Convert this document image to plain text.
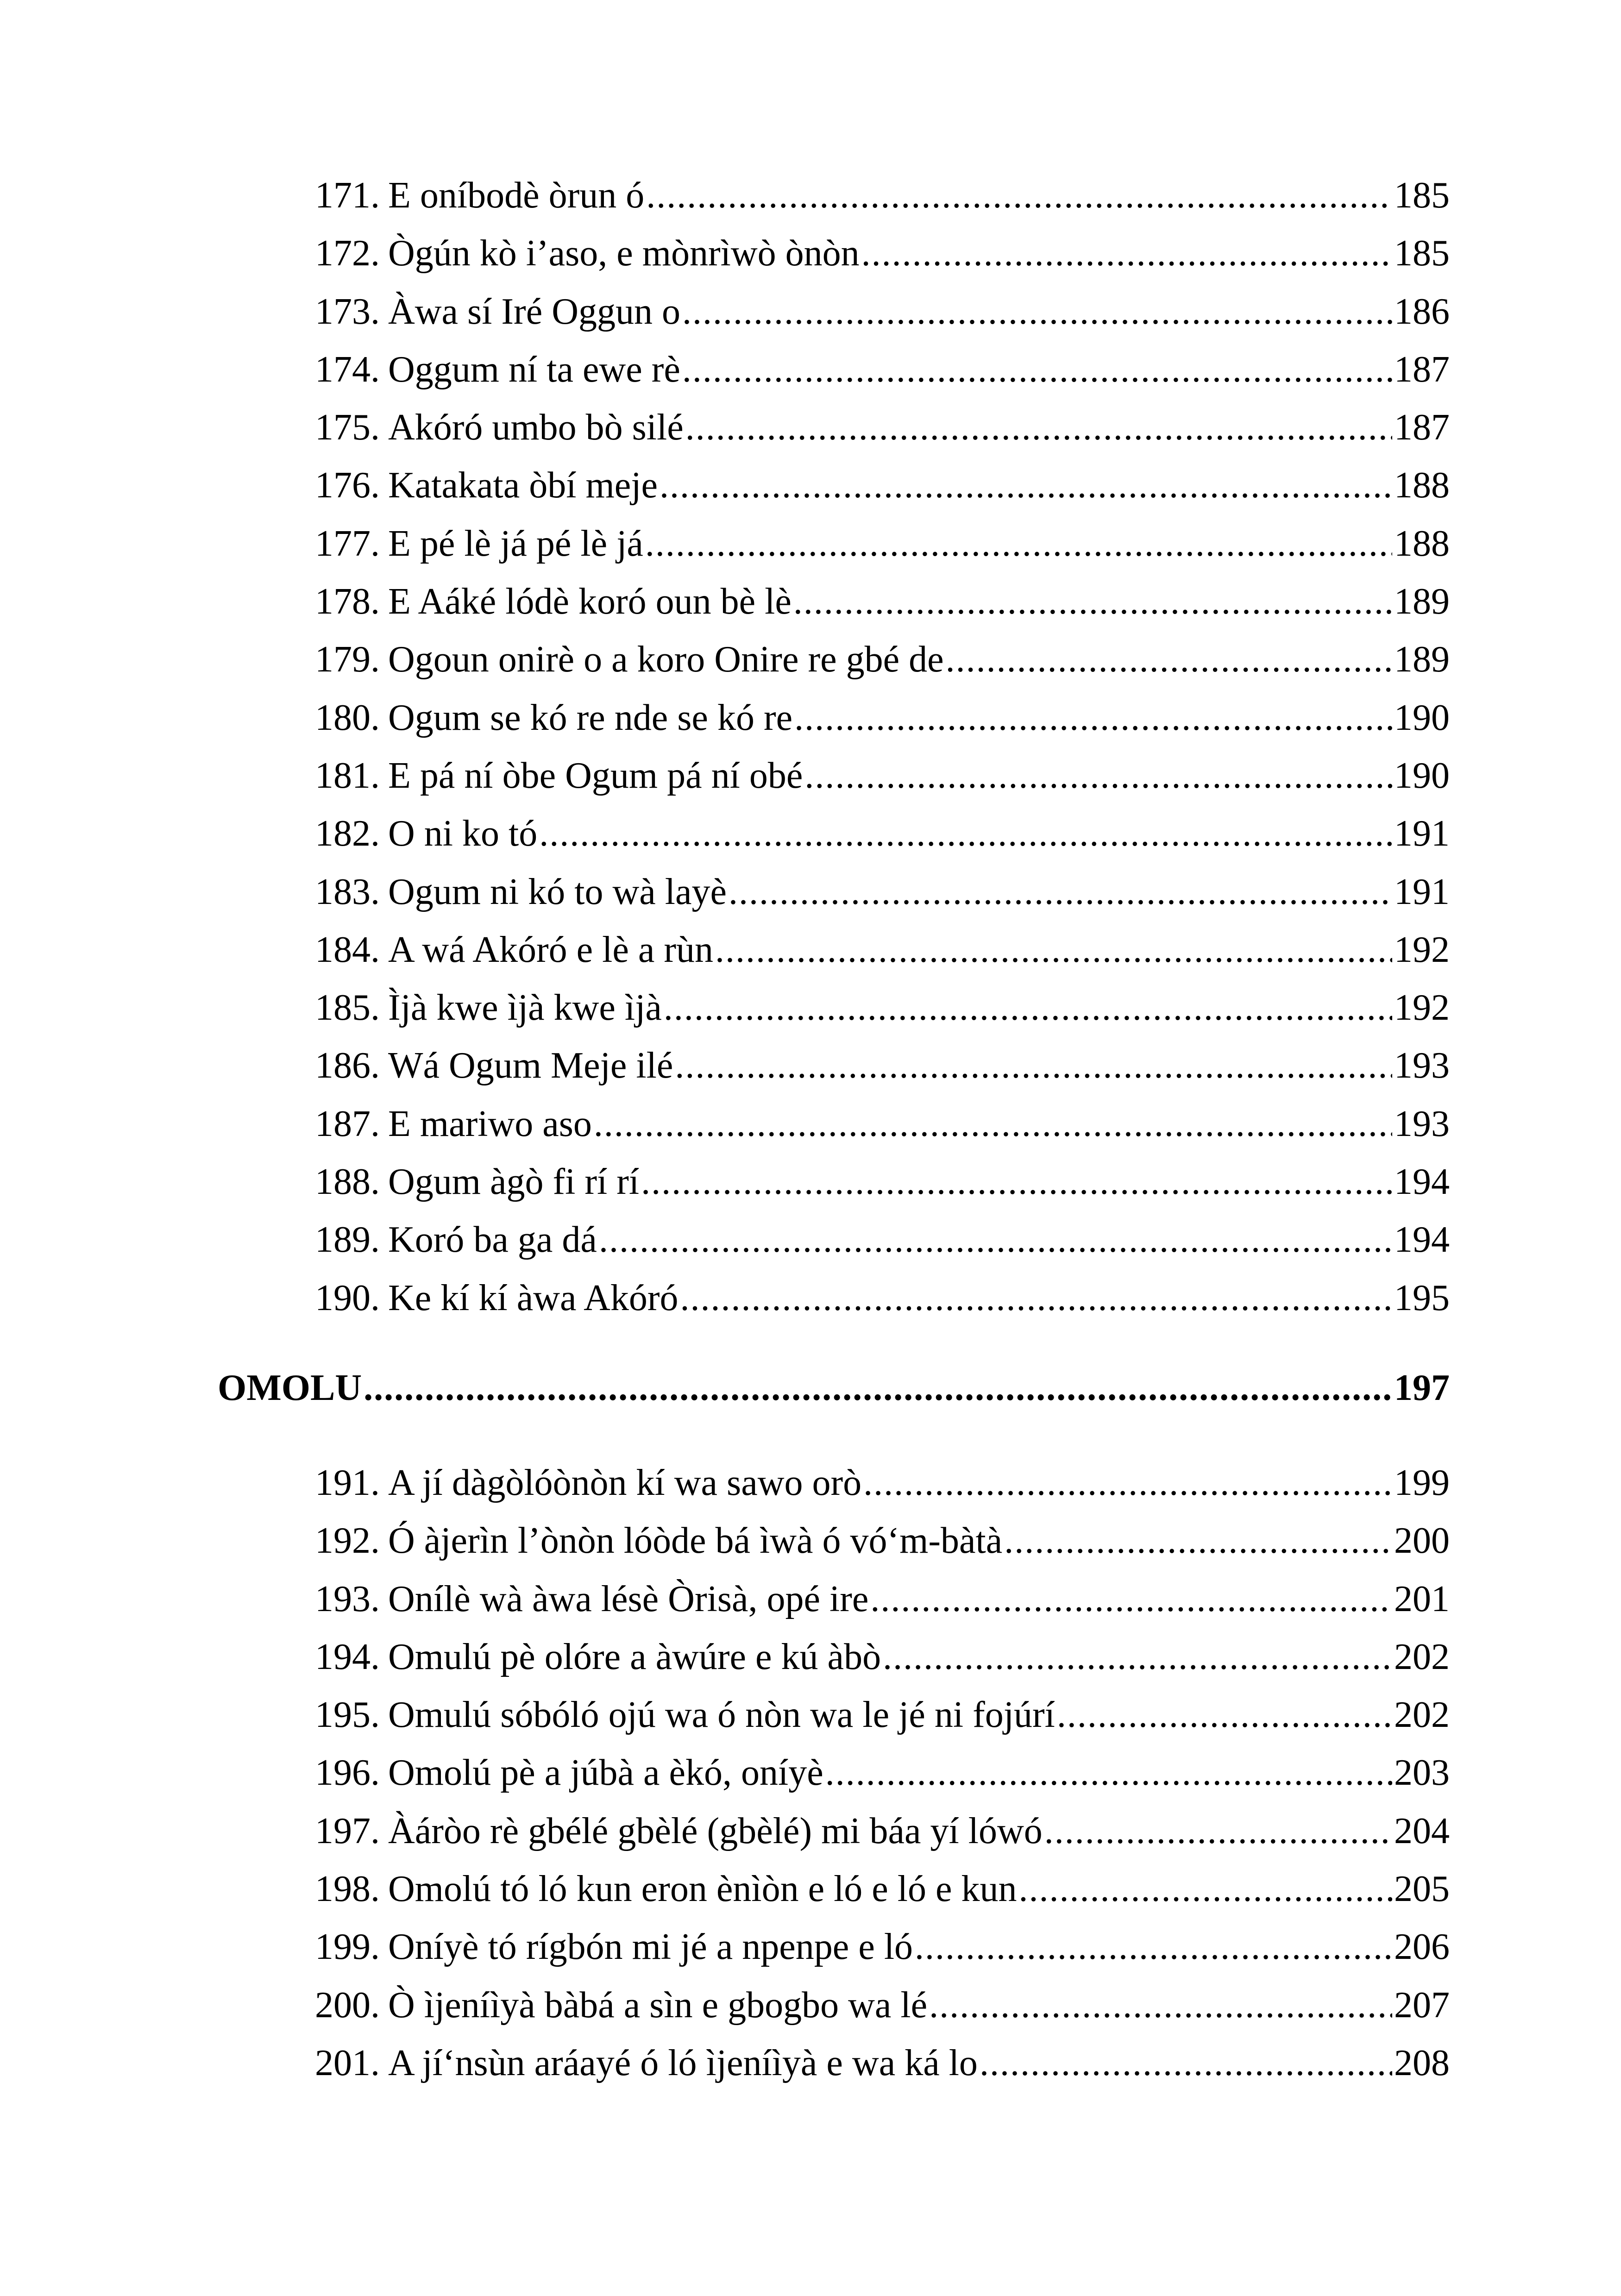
171. E oníbodè òrun ó .....	185
172. Ògún kò i’aso, e mònrìwò ònòn .....	185
173. Àwa sí Iré Oggun o .....	186
174. Oggum ní ta ewe rè .....	187
175. Akóró umbo bò silé .....	187
176. Katakata òbí meje .....	188
177. E pé lè já pé lè já .....	188
178. E Aáké lódè koró oun bè lè .....	189
179. Ogoun onirè o a koro Onire re gbé de .....	189
180. Ogum se kó re nde se kó re .....	190
181. E pá ní òbe Ogum pá ní obé .....	190
182. O ni ko tó .....	191
183. Ogum ni kó to wà layè .....	191
184. A wá Akóró e lè a rùn .....	192
185. Ìjà kwe ìjà kwe ìjà .....	192
186. Wá Ogum Meje ilé .....	193
187. E mariwo aso .....	193
188. Ogum àgò fi rí rí .....	194
189. Koró ba ga dá .....	194
190. Ke kí kí àwa Akóró .....	195
OMOLU .....	197
191. A jí dàgòlóònòn kí wa sawo orò .....	199
192. Ó àjerìn l’ònòn lóòde bá ìwà ó vó‘m-bàtà .....	200
193. Onílè wà àwa lésè Òrisà, opé ire .....	201
194. Omulú pè olóre a àwúre e kú àbò .....	202
195. Omulú sóbóló ojú wa ó nòn wa le jé ni fojúrí .....	202
196. Omolú pè a júbà a èkó, oníyè .....	203
197. Àáròo rè gbélé gbèlé (gbèlé) mi báa yí lówó .....	204
198. Omolú tó ló kun eron ènìòn e ló e ló e kun .....	205
199. Oníyè tó rígbón mi jé a npenpe e ló .....	206
200. Ò ìjeníìyà bàbá a sìn e gbogbo wa lé .....	207
201. A jí‘nsùn aráayé ó ló ìjeníìyà e wa ká lo .....	208
